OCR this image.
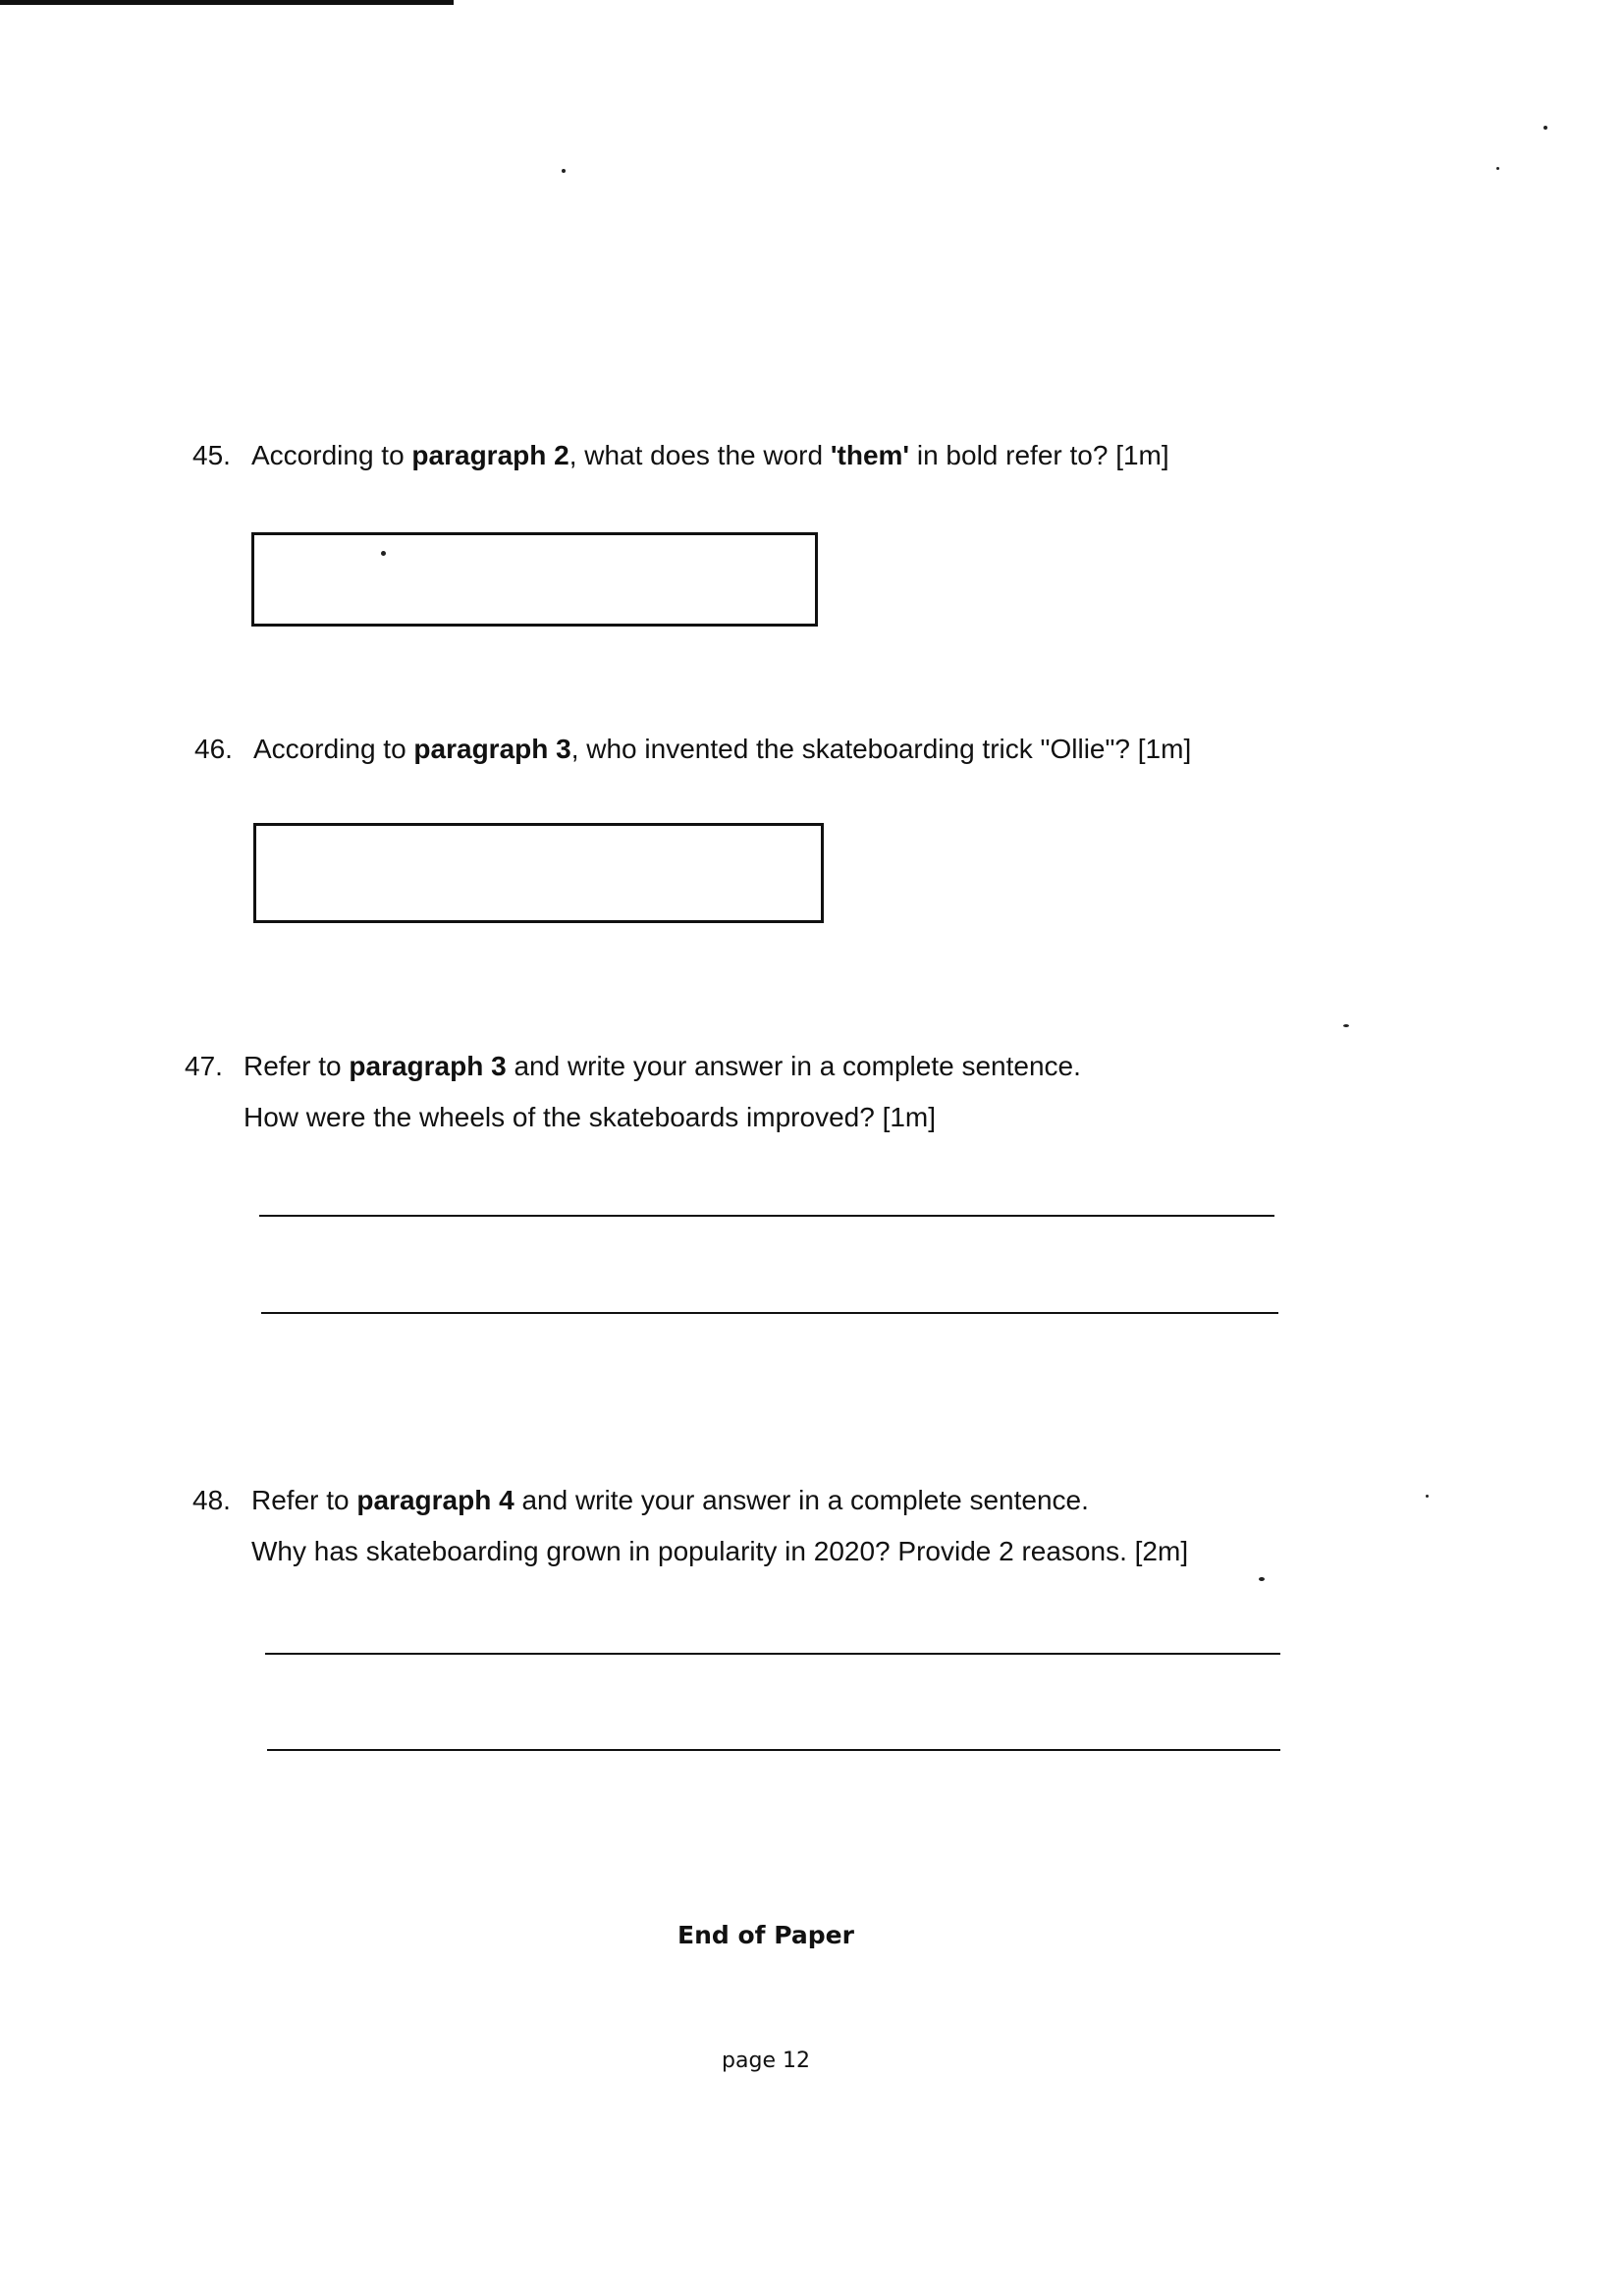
45. According to paragraph 2, what does the word 'them' in bold refer to? [1m]
46. According to paragraph 3, who invented the skateboarding trick "Ollie"? [1m]
47. Refer to paragraph 3 and write your answer in a complete sentence.
How were the wheels of the skateboards improved? [1m]
48. Refer to paragraph 4 and write your answer in a complete sentence.
Why has skateboarding grown in popularity in 2020? Provide 2 reasons. [2m]
End of Paper
page 12
